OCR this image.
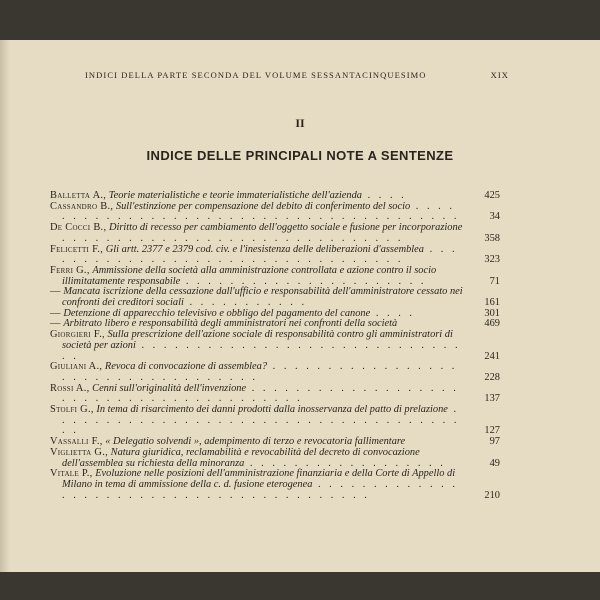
INDICI DELLA PARTE SECONDA DEL VOLUME SESSANTACINQUESIMO	XIX
II
INDICE DELLE PRINCIPALI NOTE A SENTENZE
Balletta A., Teorie materialistiche e teorie immaterialistiche dell'azienda . . . .	425
Cassandro B., Sull'estinzione per compensazione del debito di conferimento del socio . . . . . . . . . . . . . . . . . . . . . . . . . . . . . . . . . . . . . . . .	34
De Cocci B., Diritto di recesso per cambiamento dell'oggetto sociale e fusione per incorporazione . . . . . . . . . . . . . . . . . . . . . . . . . . . . . . .	358
Felicetti F., Gli artt. 2377 e 2379 cod. civ. e l'inesistenza delle deliberazioni d'assemblea . . . . . . . . . . . . . . . . . . . . . . . . . . . . . . . . . .	323
Ferri G., Ammissione della società alla amministrazione controllata e azione contro il socio illimitatamente responsabile . . . . . . . . . . . . . . . . . . . . . .	71
— Mancata iscrizione della cessazione dall'ufficio e responsabilità dell'amministratore cessato nei confronti dei creditori sociali . . . . . . . . . . .	161
— Detenzione di apparecchio televisivo e obbligo del pagamento del canone . . . .	301
— Arbitrato libero e responsabilità degli amministratori nei confronti della società	469
Giorgieri F., Sulla prescrizione dell'azione sociale di responsabilità contro gli amministratori di società per azioni . . . . . . . . . . . . . . . . . . . . . . . . . . . . . . .	241
Giuliani A., Revoca di convocazione di assemblea? . . . . . . . . . . . . . . . . . . . . . . . . . . . . . . . . . . .	228
Rossi A., Cenni sull'originalità dell'invenzione . . . . . . . . . . . . . . . . . . . . . . . . . . . . . . . . . . . . . . . . .	137
Stolfi G., In tema di risarcimento dei danni prodotti dalla inosservanza del patto di prelazione . . . . . . . . . . . . . . . . . . . . . . . . . . . . . . . . . . . . . . .	127
Vassalli F., « Delegatio solvendi », adempimento di terzo e revocatoria fallimentare	97
Viglietta G., Natura giuridica, reclamabilità e revocabilità del decreto di convocazione dell'assemblea su richiesta della minoranza . . . . . . . . . . . . . . . . . .	49
Vitale P., Evoluzione nelle posizioni dell'amministrazione finanziaria e della Corte di Appello di Milano in tema di ammissione della c. d. fusione eterogenea . . . . . . . . . . . . . . . . . . . . . . . . . . . . . . . . . . . . . . . . .	210
